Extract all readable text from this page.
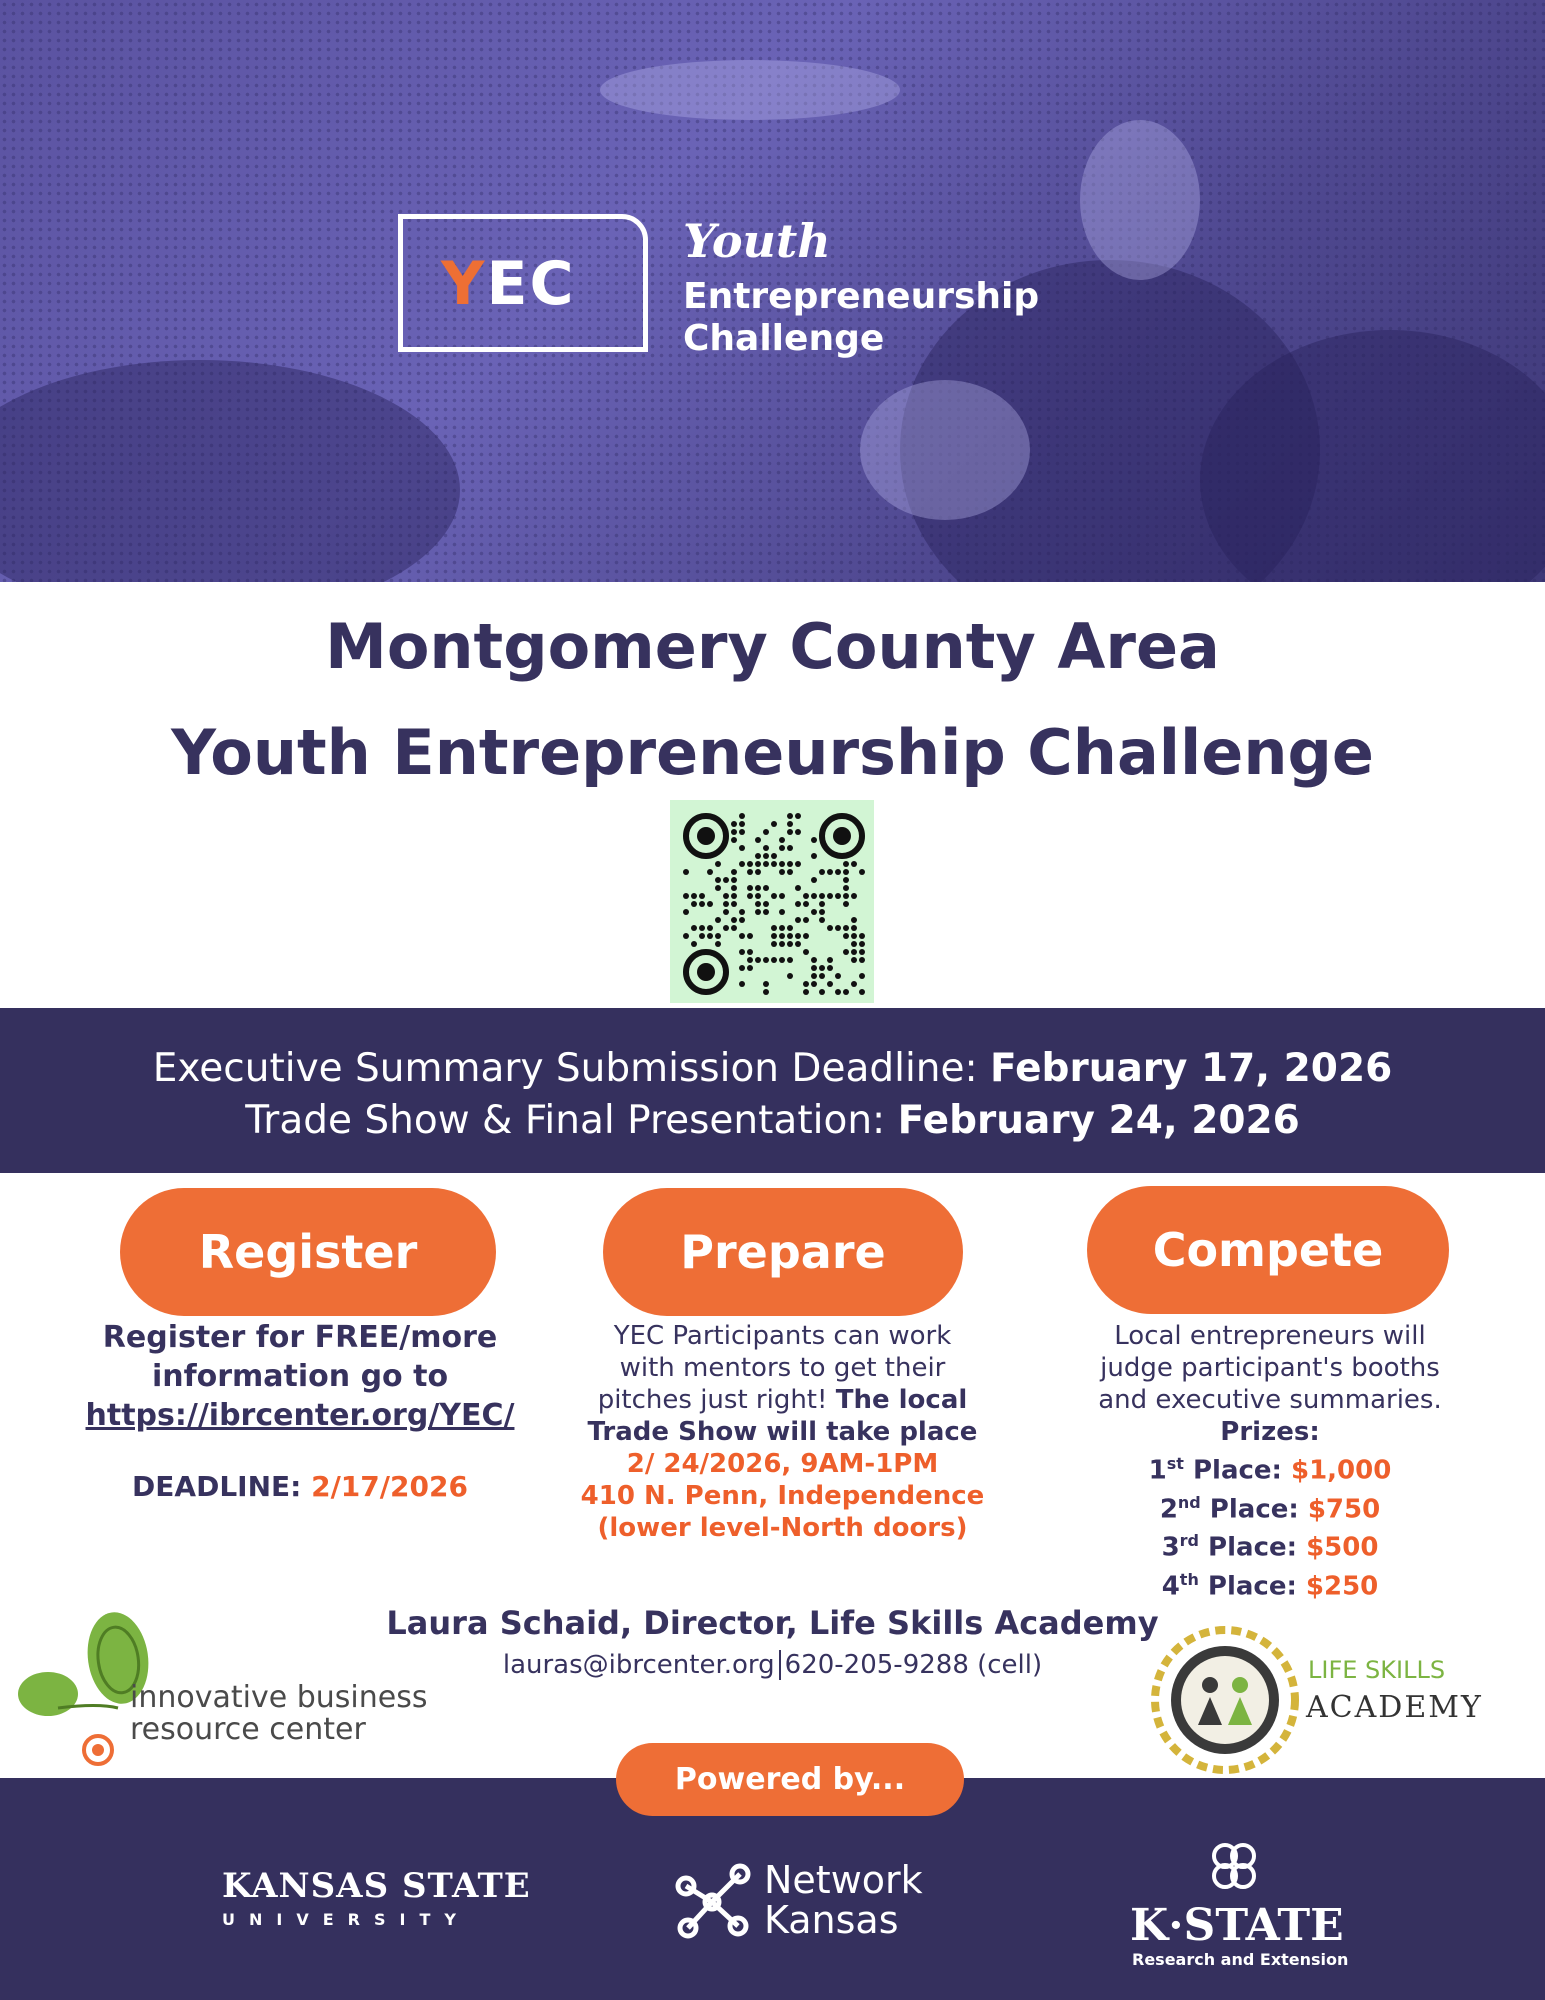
YEC
Youth
Entrepreneurship
Challenge
Montgomery County Area
Youth Entrepreneurship Challenge
Executive Summary Submission Deadline: February 17, 2026
Trade Show & Final Presentation: February 24, 2026
Register	Prepare	Compete
Register for FREE/more
information go to
https://ibrcenter.org/YEC/
DEADLINE: 2/17/2026
YEC Participants can work
with mentors to get their
pitches just right! The local
Trade Show will take place
2/ 24/2026, 9AM-1PM
410 N. Penn, Independence
(lower level-North doors)
Local entrepreneurs will
judge participant's booths
and executive summaries.
Prizes:
1st Place: $1,000
2nd Place: $750
3rd Place: $500
4th Place: $250
Laura Schaid, Director, Life Skills Academy
lauras@ibrcenter.org 620-205-9288 (cell)
innovative business
resource center
LIFE SKILLS
ACADEMY
Powered by...
KANSAS STATE
UNIVERSITY
Network
Kansas	K·STATE
Research and Extension
